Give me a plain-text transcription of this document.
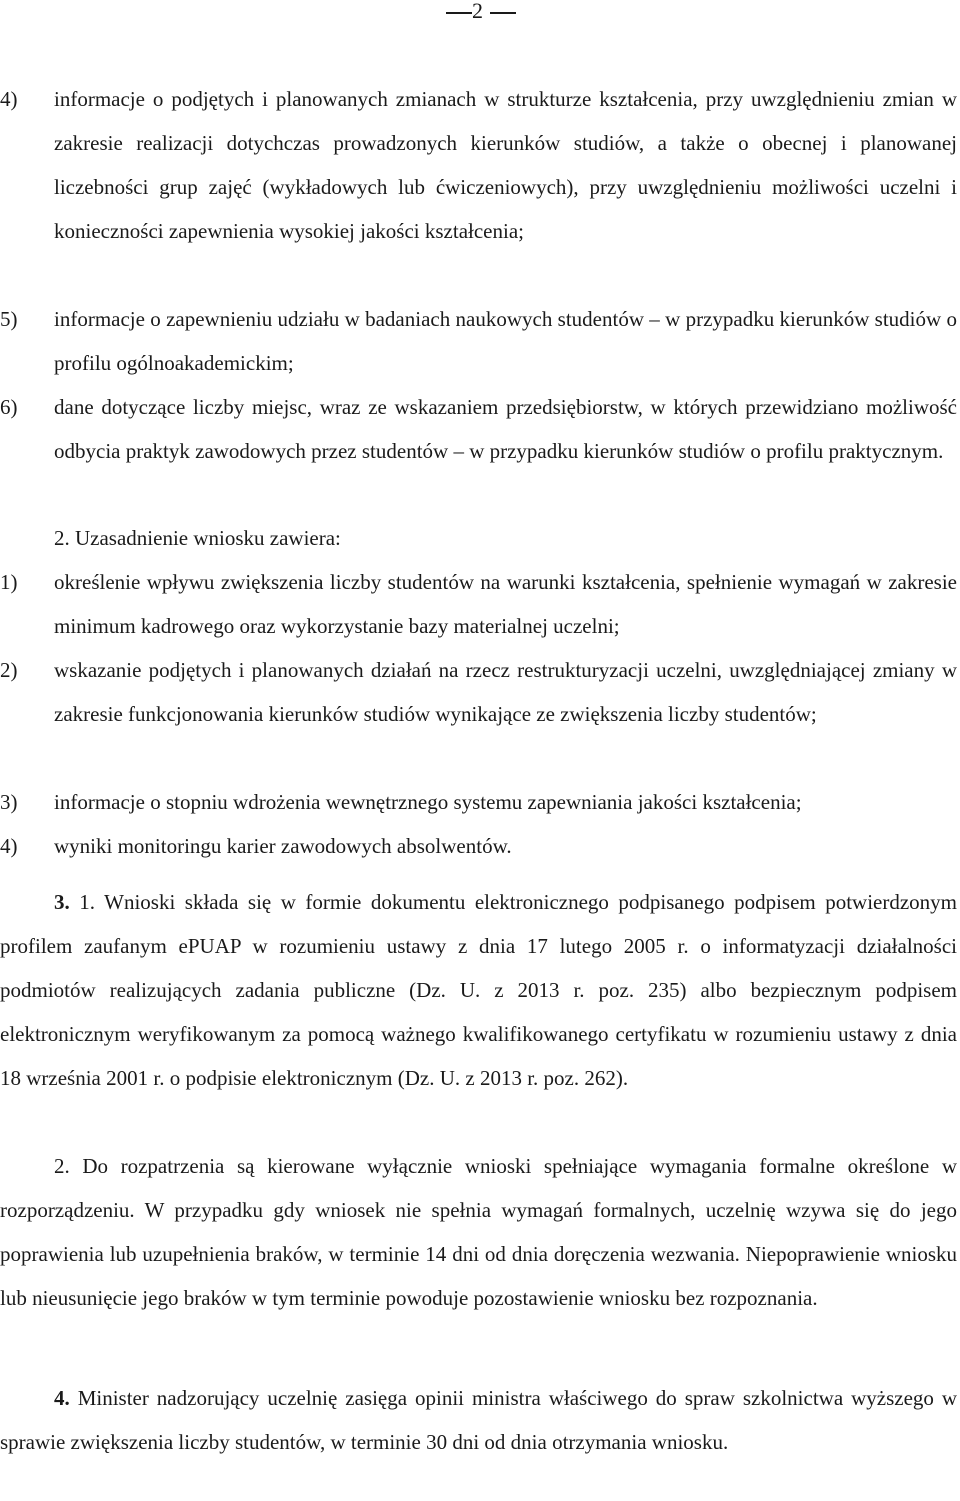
2
4) informacje o podjętych i planowanych zmianach w strukturze kształcenia, przy uwzględnieniu zmian w zakresie realizacji dotychczas prowadzonych kierunków studiów, a także o obecnej i planowanej liczebności grup zajęć (wykładowych lub ćwiczeniowych), przy uwzględnieniu możliwości uczelni i konieczności zapewnienia wysokiej jakości kształcenia;
5) informacje o zapewnieniu udziału w badaniach naukowych studentów – w przypadku kierunków studiów o profilu ogólnoakademickim;
6) dane dotyczące liczby miejsc, wraz ze wskazaniem przedsiębiorstw, w których przewidziano możliwość odbycia praktyk zawodowych przez studentów – w przypadku kierunków studiów o profilu praktycznym.
2. Uzasadnienie wniosku zawiera:
1) określenie wpływu zwiększenia liczby studentów na warunki kształcenia, spełnienie wymagań w zakresie minimum kadrowego oraz wykorzystanie bazy materialnej uczelni;
2) wskazanie podjętych i planowanych działań na rzecz restrukturyzacji uczelni, uwzględniającej zmiany w zakresie funkcjonowania kierunków studiów wynikające ze zwiększenia liczby studentów;
3) informacje o stopniu wdrożenia wewnętrznego systemu zapewniania jakości kształcenia;
4) wyniki monitoringu karier zawodowych absolwentów.
3. 1. Wnioski składa się w formie dokumentu elektronicznego podpisanego podpisem potwierdzonym profilem zaufanym ePUAP w rozumieniu ustawy z dnia 17 lutego 2005 r. o informatyzacji działalności podmiotów realizujących zadania publiczne (Dz. U. z 2013 r. poz. 235) albo bezpiecznym podpisem elektronicznym weryfikowanym za pomocą ważnego kwalifikowanego certyfikatu w rozumieniu ustawy z dnia 18 września 2001 r. o podpisie elektronicznym (Dz. U. z 2013 r. poz. 262).
2. Do rozpatrzenia są kierowane wyłącznie wnioski spełniające wymagania formalne określone w rozporządzeniu. W przypadku gdy wniosek nie spełnia wymagań formalnych, uczelnię wzywa się do jego poprawienia lub uzupełnienia braków, w terminie 14 dni od dnia doręczenia wezwania. Niepoprawienie wniosku lub nieusunięcie jego braków w tym terminie powoduje pozostawienie wniosku bez rozpoznania.
4. Minister nadzorujący uczelnię zasięga opinii ministra właściwego do spraw szkolnictwa wyższego w sprawie zwiększenia liczby studentów, w terminie 30 dni od dnia otrzymania wniosku.
